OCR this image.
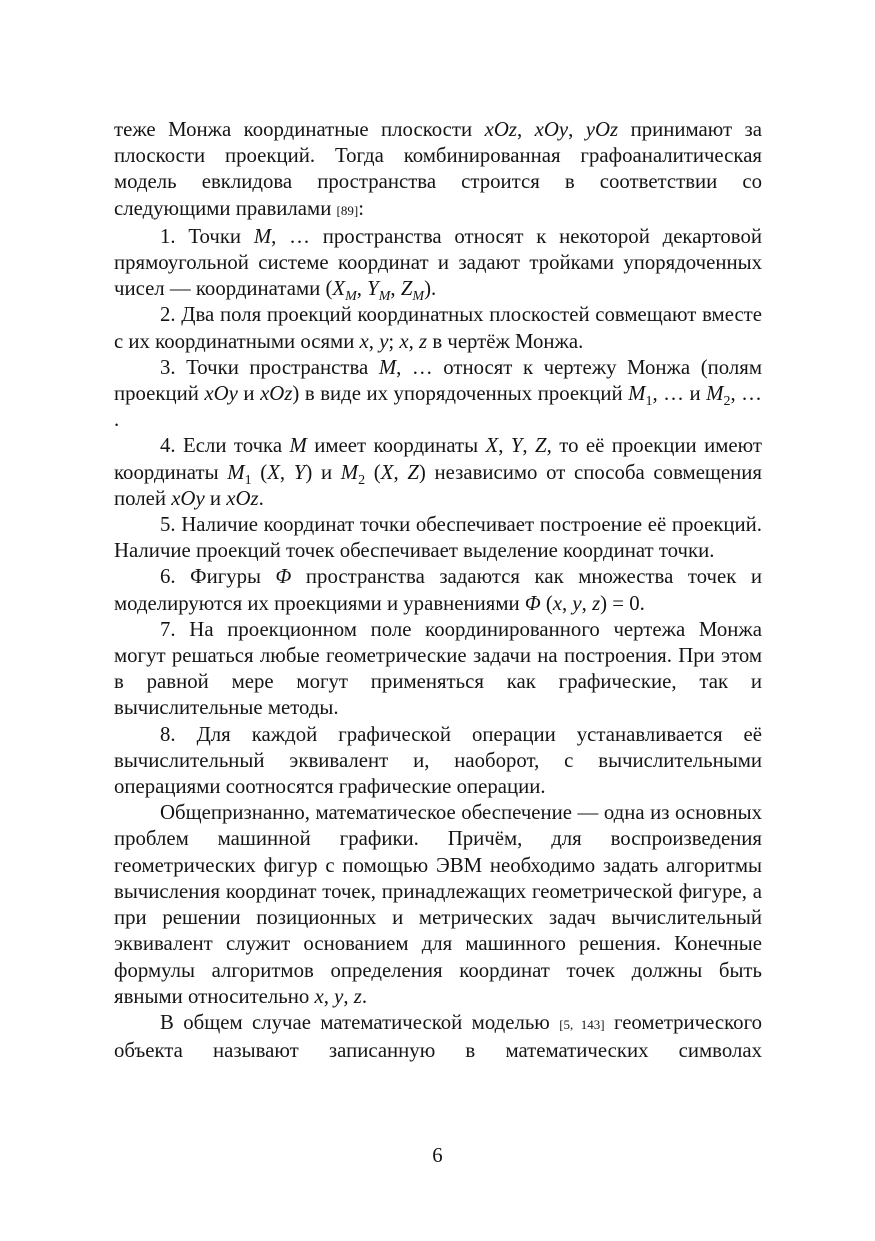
теже Монжа координатные плоскости xOz, xOy, yOz принимают за плоскости проекций. Тогда комбинированная графоаналитическая модель евклидова пространства строится в соответствии со следующими правилами [89]:

1. Точки M, … пространства относят к некоторой декартовой прямоугольной системе координат и задают тройками упорядоченных чисел — координатами ($X_M$, $Y_M$, $Z_M$).

2. Два поля проекций координатных плоскостей совмещают вместе с их координатными осями x, y; x, z в чертёж Монжа.

3. Точки пространства M, … относят к чертежу Монжа (полям проекций xOy и xOz) в виде их упорядоченных проекций $M_1$, … и $M_2$, … .

4. Если точка M имеет координаты X, Y, Z, то её проекции имеют координаты $M_1$ (X, Y) и $M_2$ (X, Z) независимо от способа совмещения полей xOy и xOz.

5. Наличие координат точки обеспечивает построение её проекций. Наличие проекций точек обеспечивает выделение координат точки.

6. Фигуры Φ пространства задаются как множества точек и моделируются их проекциями и уравнениями Φ (x, y, z) = 0.

7. На проекционном поле координированного чертежа Монжа могут решаться любые геометрические задачи на построения. При этом в равной мере могут применяться как графические, так и вычислительные методы.

8. Для каждой графической операции устанавливается её вычислительный эквивалент и, наоборот, с вычислительными операциями соотносятся графические операции.

Общепризнанно, математическое обеспечение — одна из основных проблем машинной графики. Причём, для воспроизведения геометрических фигур с помощью ЭВМ необходимо задать алгоритмы вычисления координат точек, принадлежащих геометрической фигуре, а при решении позиционных и метрических задач вычислительный эквивалент служит основанием для машинного решения. Конечные формулы алгоритмов определения координат точек должны быть явными относительно x, y, z.

В общем случае математической моделью [5, 143] геометрического объекта называют записанную в математических символах

6
